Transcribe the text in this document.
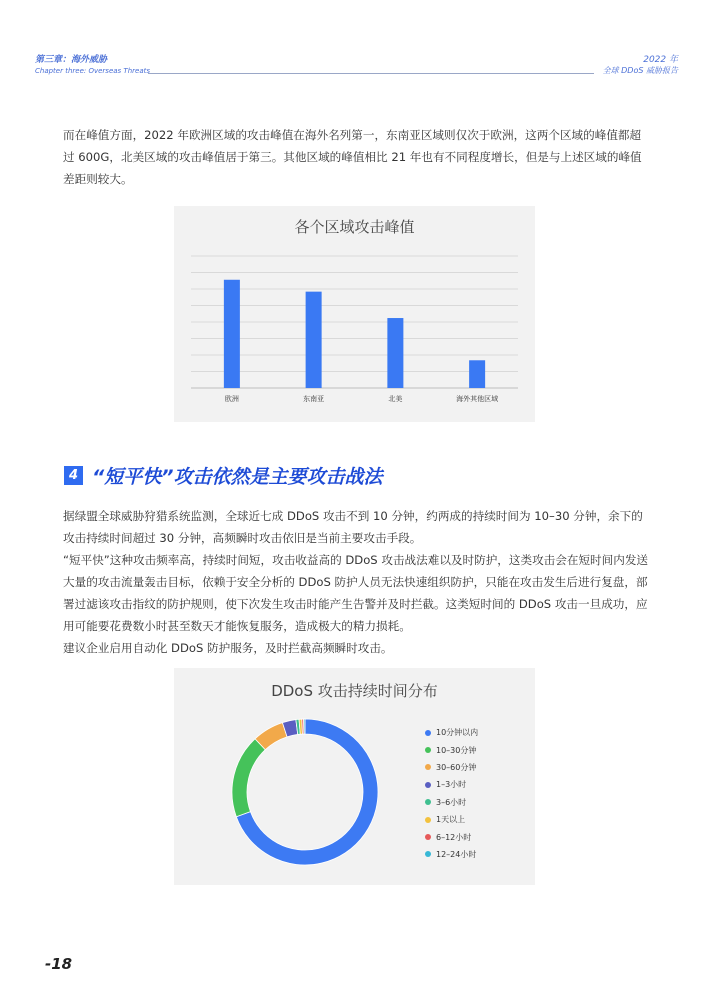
第三章：海外威胁
Chapter three: Overseas Threats
2022 年
全球 DDoS 威胁报告

而在峰值方面，2022 年欧洲区域的攻击峰值在海外名列第一，东南亚区域则仅次于欧洲，这两个区域的峰值都超过 600G，北美区域的攻击峰值居于第三。其他区域的峰值相比 21 年也有不同程度增长，但是与上述区域的峰值差距则较大。

各个区域攻击峰值
欧洲	东南亚	北美	海外其他区域
4 “短平快”攻击依然是主要攻击战法
据绿盟全球威胁狩猎系统监测，全球近七成 DDoS 攻击不到 10 分钟，约两成的持续时间为 10–30 分钟，余下的攻击持续时间超过 30 分钟，高频瞬时攻击依旧是当前主要攻击手段。
“短平快”这种攻击频率高，持续时间短，攻击收益高的 DDoS 攻击战法难以及时防护，这类攻击会在短时间内发送大量的攻击流量轰击目标，依赖于安全分析的 DDoS 防护人员无法快速组织防护，只能在攻击发生后进行复盘，部署过滤该攻击指纹的防护规则，使下次发生攻击时能产生告警并及时拦截。这类短时间的 DDoS 攻击一旦成功，应用可能要花费数小时甚至数天才能恢复服务，造成极大的精力损耗。
建议企业启用自动化 DDoS 防护服务，及时拦截高频瞬时攻击。
DDoS 攻击持续时间分布
10分钟以内
10–30分钟
30–60分钟
1–3小时
3–6小时
1天以上
6–12小时
12–24小时
-18
